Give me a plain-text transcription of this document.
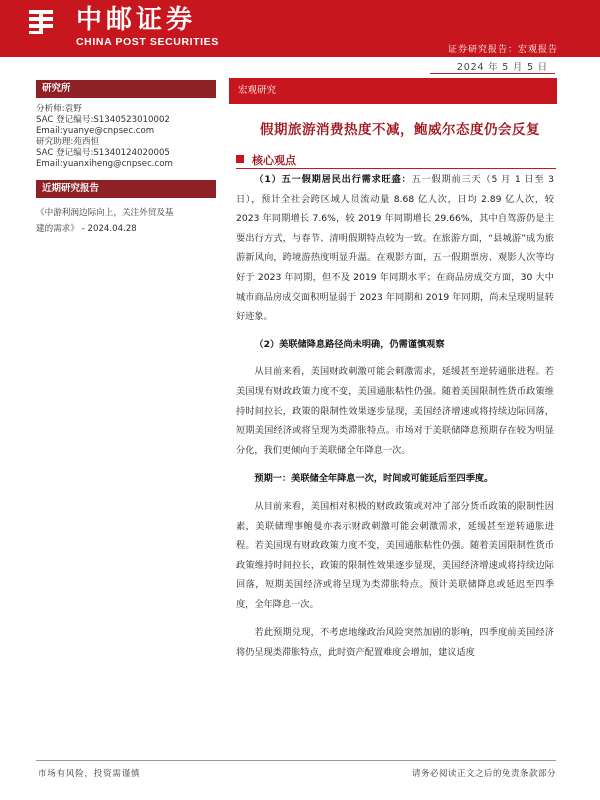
中邮证券
CHINA POST SECURITIES
证券研究报告：宏观报告
2024 年 5 月 5 日
研究所
分析师:袁野
SAC 登记编号:S1340523010002
Email:yuanye@cnpsec.com
研究助理:苑西恒
SAC 登记编号:S1340124020005
Email:yuanxiheng@cnpsec.com
近期研究报告
《中游利润边际向上，关注外贸及基
建的需求》 - 2024.04.28
宏观研究
假期旅游消费热度不减，鲍威尔态度仍会反复
核心观点

（1）五一假期居民出行需求旺盛：五一假期前三天（5 月 1 日至 3 日），预计全社会跨区域人员流动量 8.68 亿人次，日均 2.89 亿人次，较 2023 年同期增长 7.6%，较 2019 年同期增长 29.66%，其中自驾游仍是主要出行方式，与春节、清明假期特点较为一致。在旅游方面，“县城游”成为旅游新风向，跨境游热度明显升温。在观影方面，五一假期票房、观影人次等均好于 2023 年同期，但不及 2019 年同期水平；在商品房成交方面，30 大中城市商品房成交面积明显弱于 2023 年同期和 2019 年同期，尚未呈现明显转好迹象。

（2）美联储降息路径尚未明确，仍需谨慎观察

从目前来看，美国财政刺激可能会刺激需求，延缓甚至逆转通胀进程。若美国现有财政政策力度不变，美国通胀粘性仍强。随着美国限制性货币政策维持时间拉长，政策的限制性效果逐步显现，美国经济增速或将持续边际回落，短期美国经济或将呈现为类滞胀特点。市场对于美联储降息预期存在较为明显分化，我们更倾向于美联储全年降息一次。

预期一：美联储全年降息一次，时间或可能延后至四季度。

从目前来看，美国相对积极的财政政策或对冲了部分货币政策的限制性因素，美联储理事鲍曼亦表示财政刺激可能会刺激需求，延缓甚至逆转通胀进程。若美国现有财政政策力度不变，美国通胀粘性仍强。随着美国限制性货币政策维持时间拉长，政策的限制性效果逐步显现，美国经济增速或将持续边际回落，短期美国经济或将呈现为类滞胀特点。预计美联储降息或延迟至四季度，全年降息一次。

若此预期兑现，不考虑地缘政治风险突然加剧的影响，四季度前美国经济将仍呈现类滞胀特点，此时资产配置难度会增加，建议适度

市场有风险，投资需谨慎	请务必阅读正文之后的免责条款部分
